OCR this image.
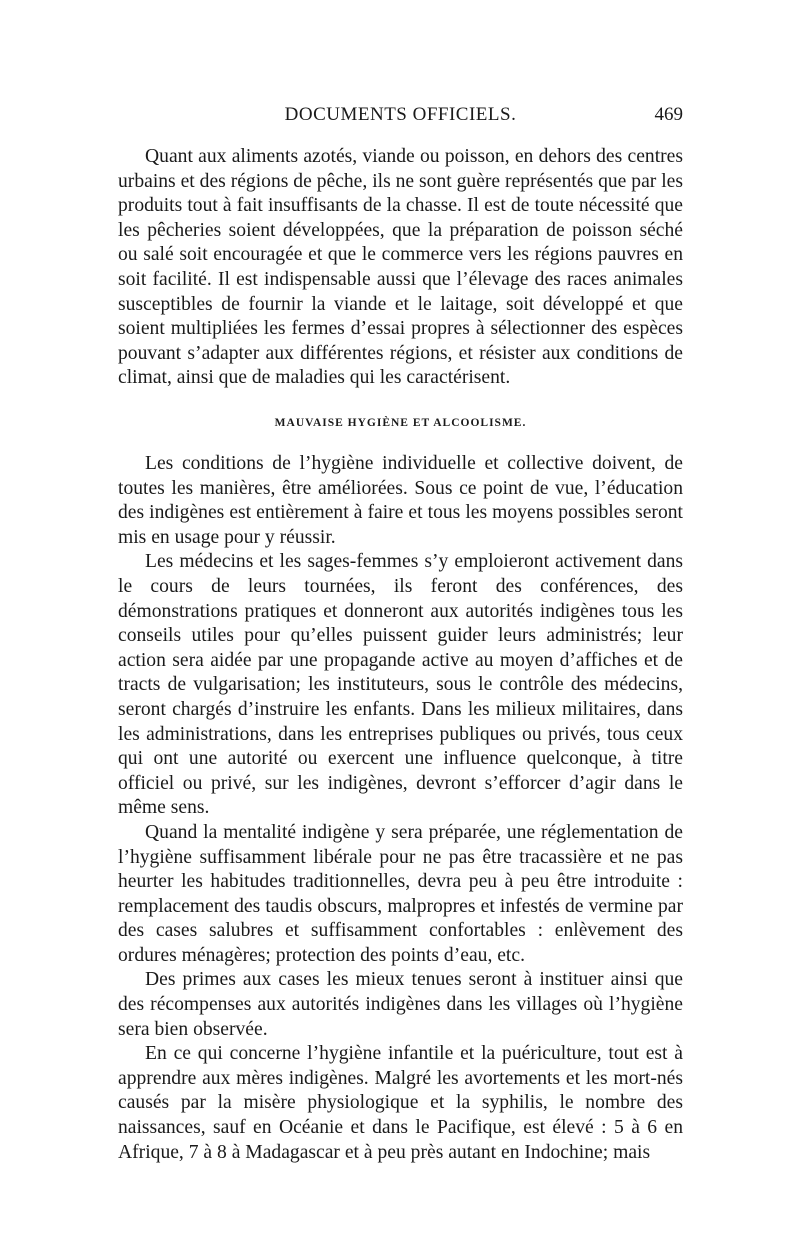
DOCUMENTS OFFICIELS.	469

Quant aux aliments azotés, viande ou poisson, en dehors des centres urbains et des régions de pêche, ils ne sont guère représentés que par les produits tout à fait insuffisants de la chasse. Il est de toute nécessité que les pêcheries soient développées, que la préparation de poisson séché ou salé soit encouragée et que le commerce vers les régions pauvres en soit facilité. Il est indispensable aussi que l’élevage des races animales susceptibles de fournir la viande et le laitage, soit développé et que soient multipliées les fermes d’essai propres à sélectionner des espèces pouvant s’adapter aux différentes régions, et résister aux conditions de climat, ainsi que de maladies qui les caractérisent.

MAUVAISE HYGIÈNE ET ALCOOLISME.

Les conditions de l’hygiène individuelle et collective doivent, de toutes les manières, être améliorées. Sous ce point de vue, l’éducation des indigènes est entièrement à faire et tous les moyens possibles seront mis en usage pour y réussir.

Les médecins et les sages-femmes s’y emploieront activement dans le cours de leurs tournées, ils feront des conférences, des démonstrations pratiques et donneront aux autorités indigènes tous les conseils utiles pour qu’elles puissent guider leurs administrés; leur action sera aidée par une propagande active au moyen d’affiches et de tracts de vulgarisation; les instituteurs, sous le contrôle des médecins, seront chargés d’instruire les enfants. Dans les milieux militaires, dans les administrations, dans les entreprises publiques ou privés, tous ceux qui ont une autorité ou exercent une influence quelconque, à titre officiel ou privé, sur les indigènes, devront s’efforcer d’agir dans le même sens.

Quand la mentalité indigène y sera préparée, une réglementation de l’hygiène suffisamment libérale pour ne pas être tracassière et ne pas heurter les habitudes traditionnelles, devra peu à peu être introduite : remplacement des taudis obscurs, malpropres et infestés de vermine par des cases salubres et suffisamment confortables : enlèvement des ordures ménagères; protection des points d’eau, etc.

Des primes aux cases les mieux tenues seront à instituer ainsi que des récompenses aux autorités indigènes dans les villages où l’hygiène sera bien observée.

En ce qui concerne l’hygiène infantile et la puériculture, tout est à apprendre aux mères indigènes. Malgré les avortements et les mort-nés causés par la misère physiologique et la syphilis, le nombre des naissances, sauf en Océanie et dans le Pacifique, est élevé : 5 à 6 en Afrique, 7 à 8 à Madagascar et à peu près autant en Indochine; mais
